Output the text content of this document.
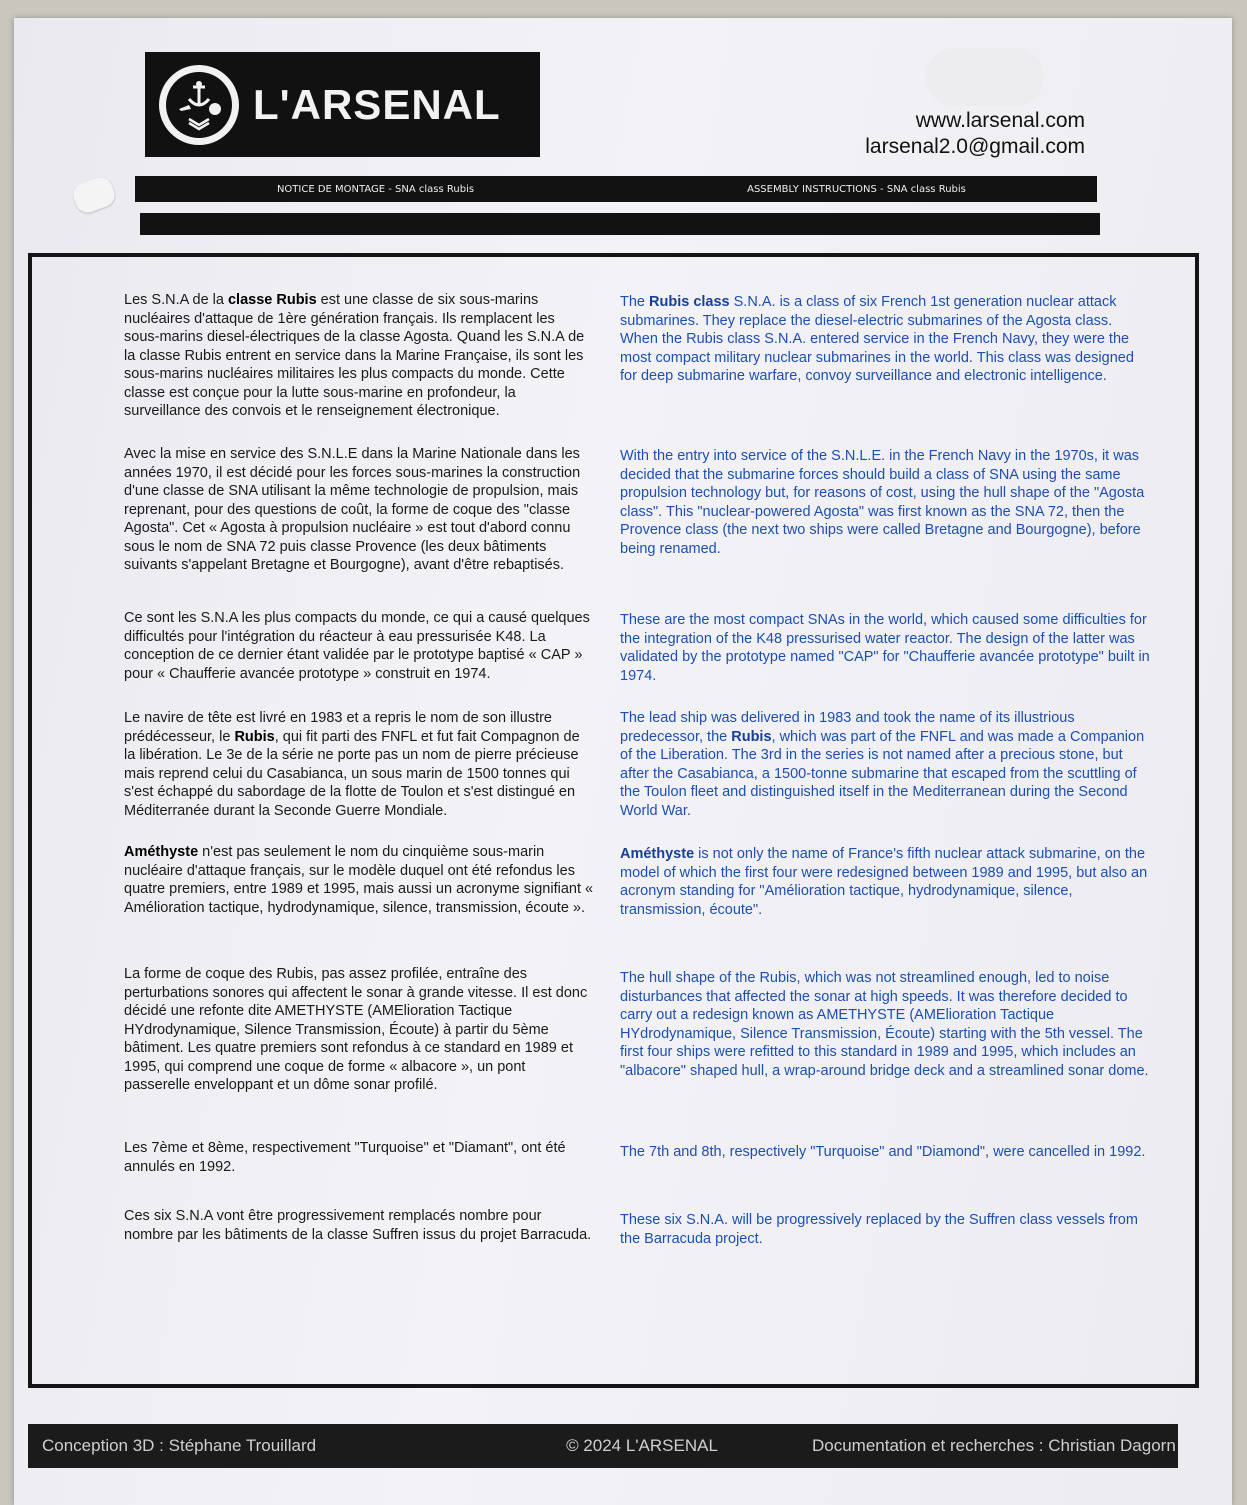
L'ARSENAL	www.larsenal.com
larsenal2.0@gmail.com
NOTICE DE MONTAGE - SNA class Rubis	ASSEMBLY INSTRUCTIONS - SNA class Rubis

Les S.N.A de la classe Rubis est une classe de six sous-marins nucléaires d'attaque de 1ère génération français. Ils remplacent les sous-marins diesel-électriques de la classe Agosta. Quand les S.N.A de la classe Rubis entrent en service dans la Marine Française, ils sont les sous-marins nucléaires militaires les plus compacts du monde. Cette classe est conçue pour la lutte sous-marine en profondeur, la surveillance des convois et le renseignement électronique.

The Rubis class S.N.A. is a class of six French 1st generation nuclear attack submarines. They replace the diesel-electric submarines of the Agosta class. When the Rubis class S.N.A. entered service in the French Navy, they were the most compact military nuclear submarines in the world. This class was designed for deep submarine warfare, convoy surveillance and electronic intelligence.

Avec la mise en service des S.N.L.E dans la Marine Nationale dans les années 1970, il est décidé pour les forces sous-marines la construction d'une classe de SNA utilisant la même technologie de propulsion, mais reprenant, pour des questions de coût, la forme de coque des "classe Agosta". Cet « Agosta à propulsion nucléaire » est tout d'abord connu sous le nom de SNA 72 puis classe Provence (les deux bâtiments suivants s'appelant Bretagne et Bourgogne), avant d'être rebaptisés.

With the entry into service of the S.N.L.E. in the French Navy in the 1970s, it was decided that the submarine forces should build a class of SNA using the same propulsion technology but, for reasons of cost, using the hull shape of the "Agosta class". This "nuclear-powered Agosta" was first known as the SNA 72, then the Provence class (the next two ships were called Bretagne and Bourgogne), before being renamed.

Ce sont les S.N.A les plus compacts du monde, ce qui a causé quelques difficultés pour l'intégration du réacteur à eau pressurisée K48. La conception de ce dernier étant validée par le prototype baptisé « CAP » pour « Chaufferie avancée prototype » construit en 1974.

These are the most compact SNAs in the world, which caused some difficulties for the integration of the K48 pressurised water reactor. The design of the latter was validated by the prototype named "CAP" for "Chaufferie avancée prototype" built in 1974.

Le navire de tête est livré en 1983 et a repris le nom de son illustre prédécesseur, le Rubis, qui fit parti des FNFL et fut fait Compagnon de la libération. Le 3e de la série ne porte pas un nom de pierre précieuse mais reprend celui du Casabianca, un sous marin de 1500 tonnes qui s'est échappé du sabordage de la flotte de Toulon et s'est distingué en Méditerranée durant la Seconde Guerre Mondiale.

The lead ship was delivered in 1983 and took the name of its illustrious predecessor, the Rubis, which was part of the FNFL and was made a Companion of the Liberation. The 3rd in the series is not named after a precious stone, but after the Casabianca, a 1500-tonne submarine that escaped from the scuttling of the Toulon fleet and distinguished itself in the Mediterranean during the Second World War.

Améthyste n'est pas seulement le nom du cinquième sous-marin nucléaire d'attaque français, sur le modèle duquel ont été refondus les quatre premiers, entre 1989 et 1995, mais aussi un acronyme signifiant « Amélioration tactique, hydrodynamique, silence, transmission, écoute ».

Améthyste is not only the name of France's fifth nuclear attack submarine, on the model of which the first four were redesigned between 1989 and 1995, but also an acronym standing for "Amélioration tactique, hydrodynamique, silence, transmission, écoute".

La forme de coque des Rubis, pas assez profilée, entraîne des perturbations sonores qui affectent le sonar à grande vitesse. Il est donc décidé une refonte dite AMETHYSTE (AMElioration Tactique HYdrodynamique, Silence Transmission, Écoute) à partir du 5ème bâtiment. Les quatre premiers sont refondus à ce standard en 1989 et 1995, qui comprend une coque de forme « albacore », un pont passerelle enveloppant et un dôme sonar profilé.

The hull shape of the Rubis, which was not streamlined enough, led to noise disturbances that affected the sonar at high speeds. It was therefore decided to carry out a redesign known as AMETHYSTE (AMElioration Tactique HYdrodynamique, Silence Transmission, Écoute) starting with the 5th vessel. The first four ships were refitted to this standard in 1989 and 1995, which includes an "albacore" shaped hull, a wrap-around bridge deck and a streamlined sonar dome.

Les 7ème et 8ème, respectivement "Turquoise" et "Diamant", ont été annulés en 1992.

The 7th and 8th, respectively "Turquoise" and "Diamond", were cancelled in 1992.

Ces six S.N.A vont être progressivement remplacés nombre pour nombre par les bâtiments de la classe Suffren issus du projet Barracuda.

These six S.N.A. will be progressively replaced by the Suffren class vessels from the Barracuda project.

Conception 3D : Stéphane Trouillard	© 2024 L'ARSENAL	Documentation et recherches : Christian Dagorn
